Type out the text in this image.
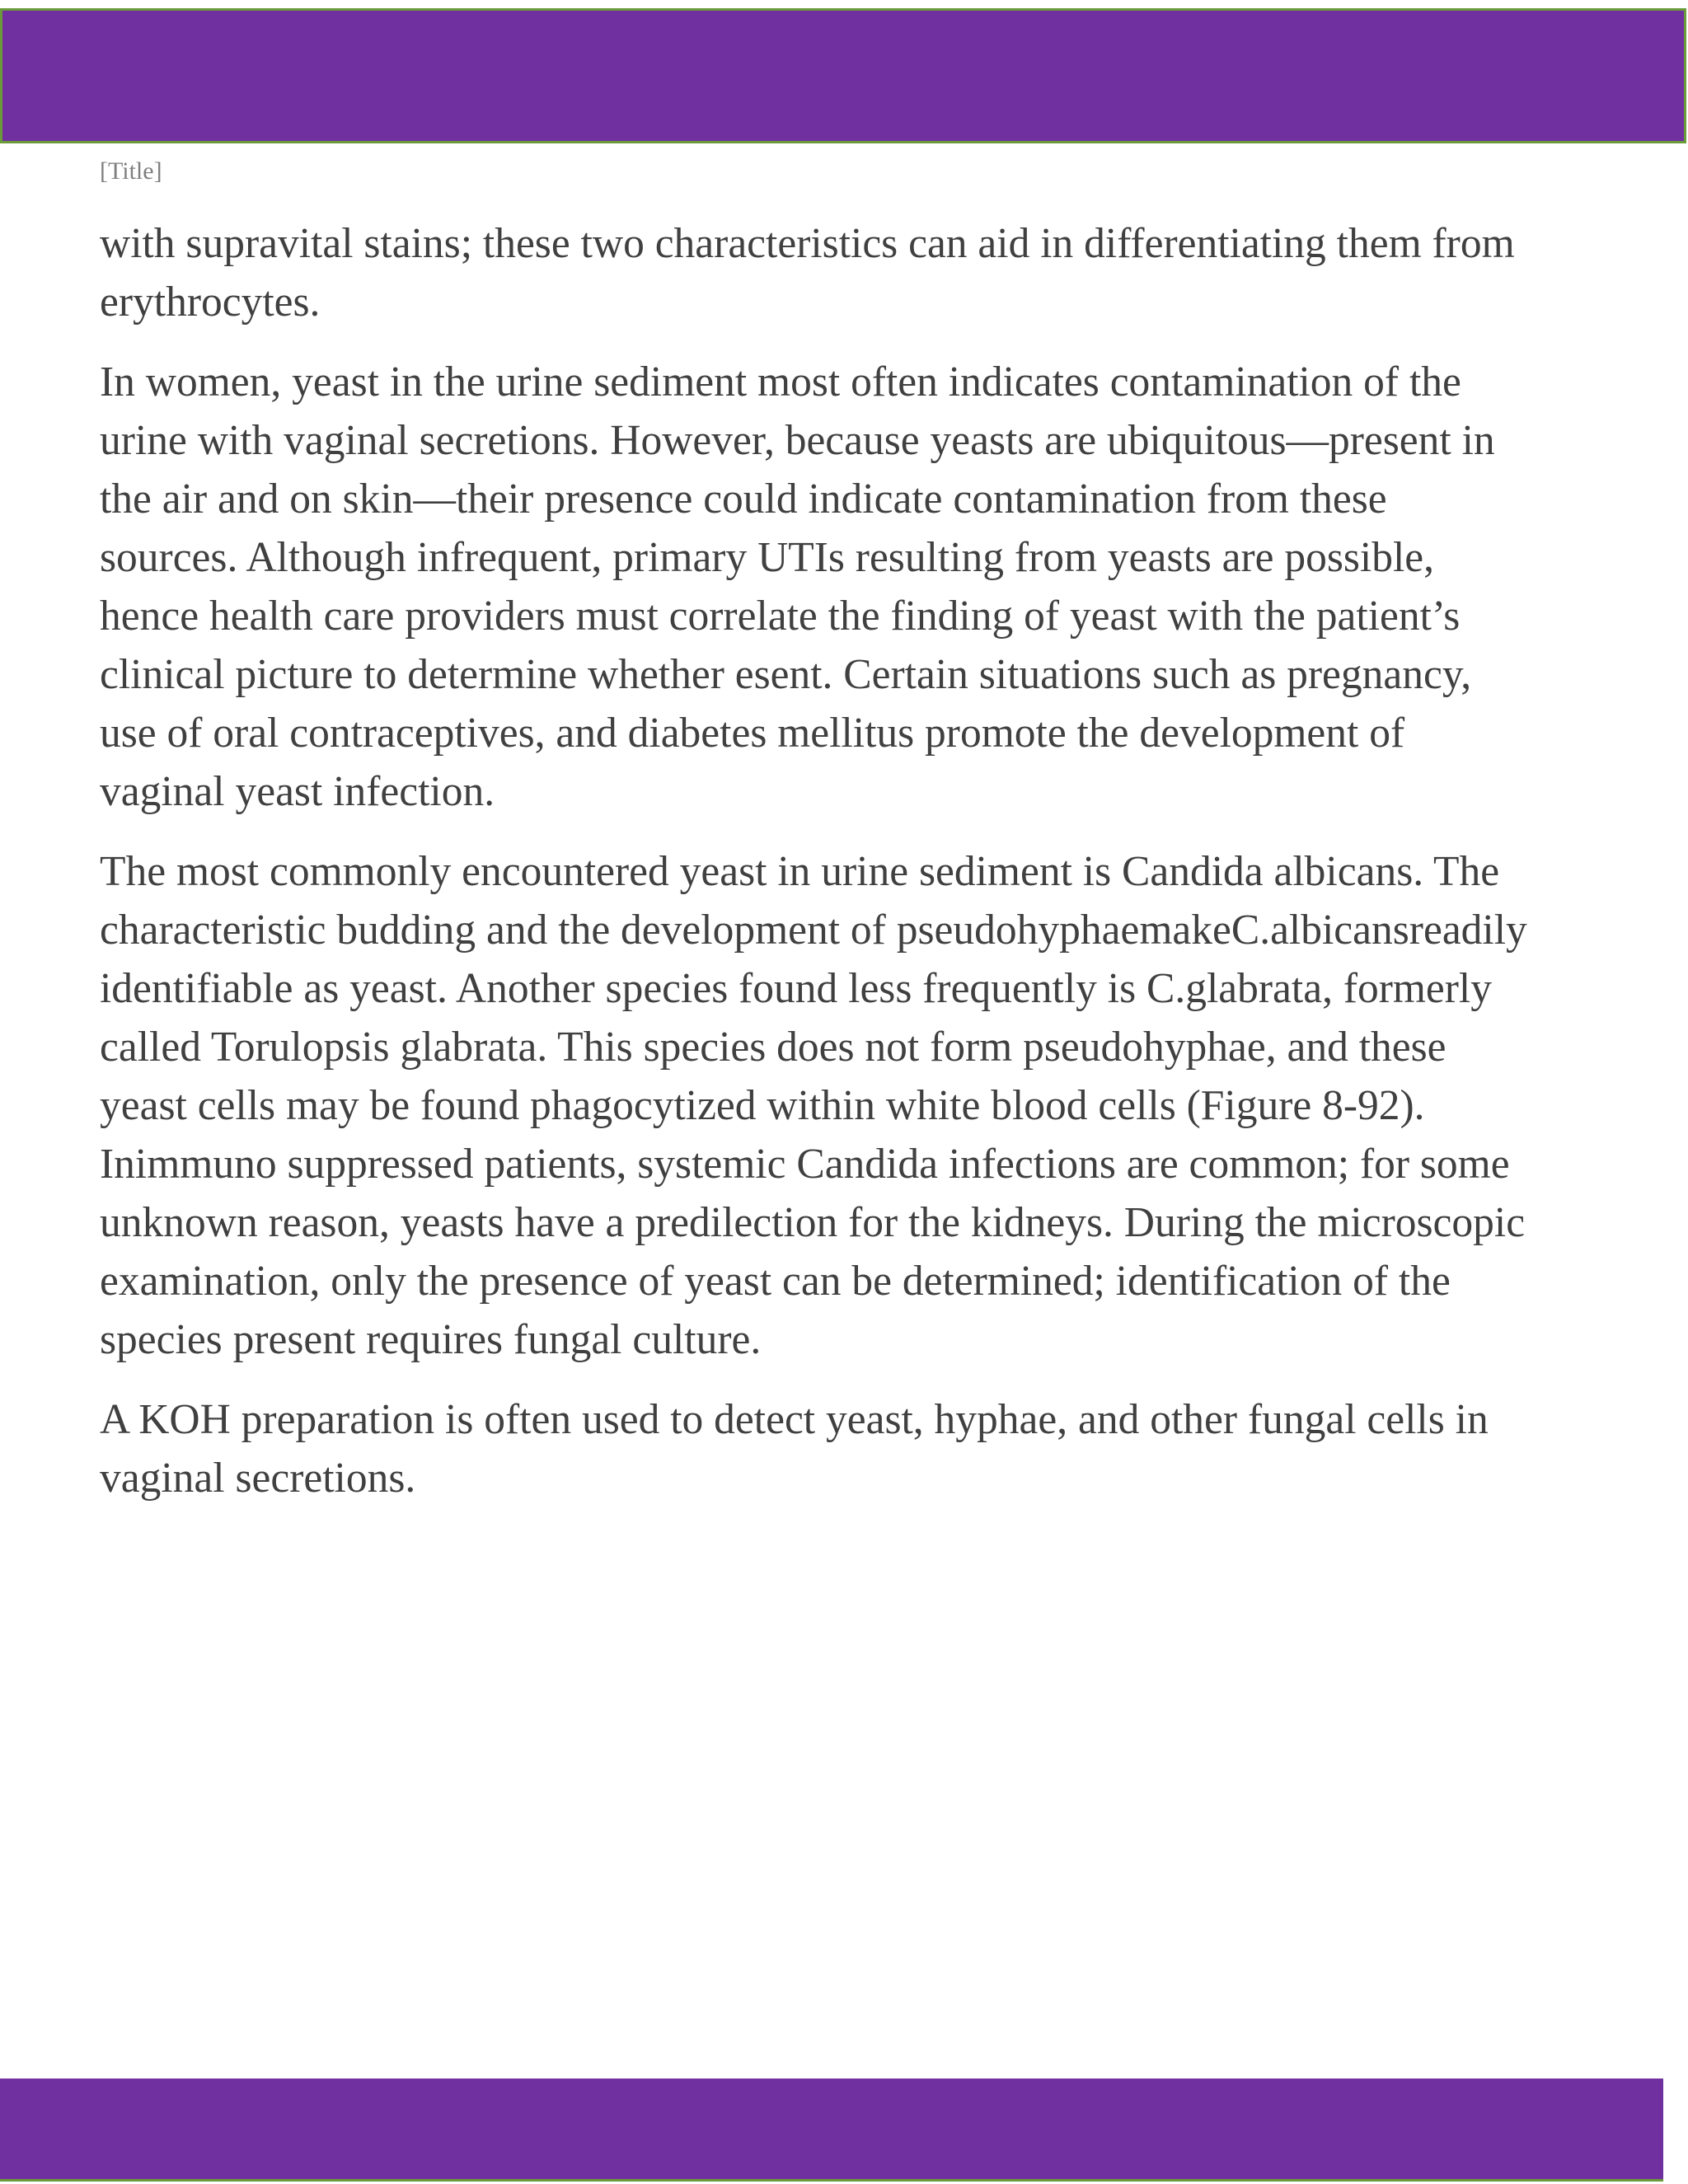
[Title]

with supravital stains; these two characteristics can aid in differentiating them from
erythrocytes.

In women, yeast in the urine sediment most often indicates contamination of the
urine with vaginal secretions. However, because yeasts are ubiquitous—present in
the air and on skin—their presence could indicate contamination from these
sources. Although infrequent, primary UTIs resulting from yeasts are possible,
hence health care providers must correlate the finding of yeast with the patient’s
clinical picture to determine whether esent. Certain situations such as pregnancy,
use of oral contraceptives, and diabetes mellitus promote the development of
vaginal yeast infection.

The most commonly encountered yeast in urine sediment is Candida albicans. The
characteristic budding and the development of pseudohyphaemakeC.albicansreadily
identifiable as yeast. Another species found less frequently is C.glabrata, formerly
called Torulopsis glabrata. This species does not form pseudohyphae, and these
yeast cells may be found phagocytized within white blood cells (Figure 8-92).
Inimmuno suppressed patients, systemic Candida infections are common; for some
unknown reason, yeasts have a predilection for the kidneys. During the microscopic
examination, only the presence of yeast can be determined; identification of the
species present requires fungal culture.

A KOH preparation is often used to detect yeast, hyphae, and other fungal cells in
vaginal secretions.
